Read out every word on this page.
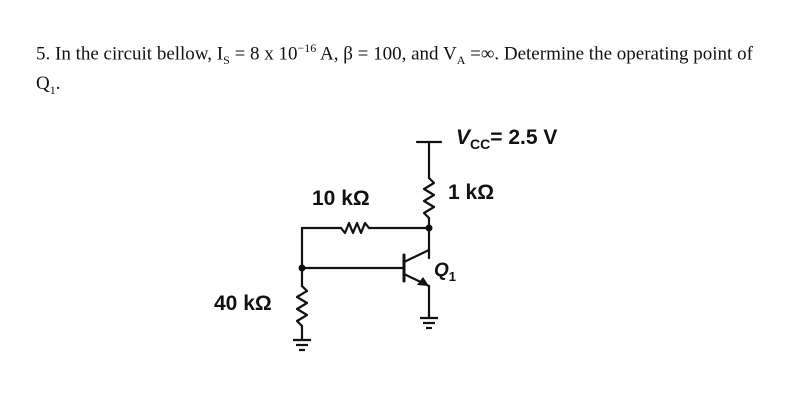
5. In the circuit bellow, $I_S = 8$ x $10^{-16}$ A, β = 100, and $V_A$ =∞. Determine the operating point of $Q_1$.
$V_{CC}= 2.5$ V
1 kΩ
10 kΩ
40 kΩ
$Q_1$
